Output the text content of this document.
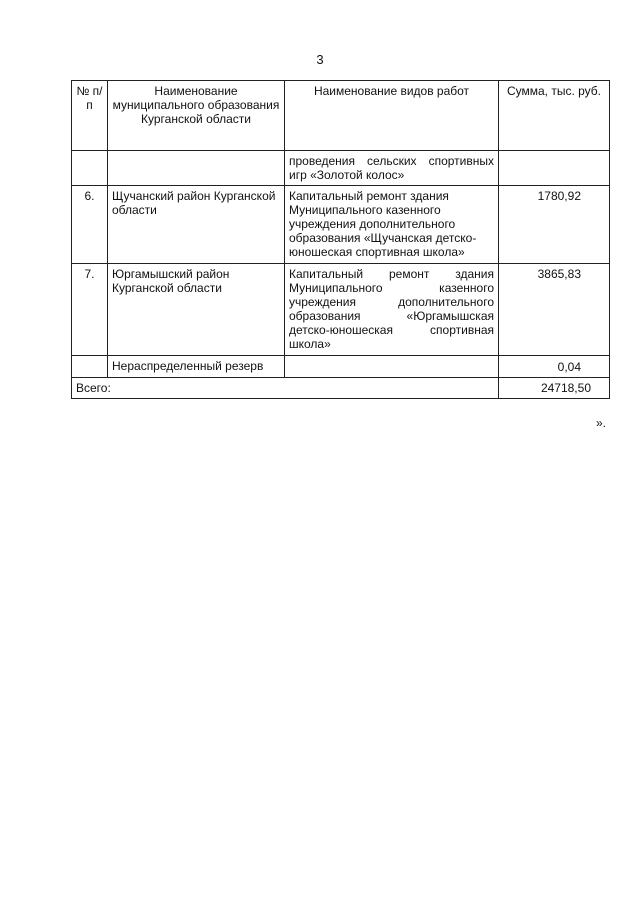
3
№ п/п	Наименование муниципального образования Курганской области	Наименование видов работ	Сумма, тыс. руб.
		проведения сельских спортивных игр «Золотой колос»	
6.	Щучанский район Курганской области	Капитальный ремонт здания Муниципального казенного учреждения дополнительного образования «Щучанская детско-юношеская спортивная школа»	1780,92
7.	Юргамышский район Курганской области	Капитальный ремонт здания Муниципального казенного учреждения дополнительного образования «Юргамышская детско-юношеская спортивная школа»	3865,83
	Нераспределенный резерв		0,04
Всего:			24718,50
».
